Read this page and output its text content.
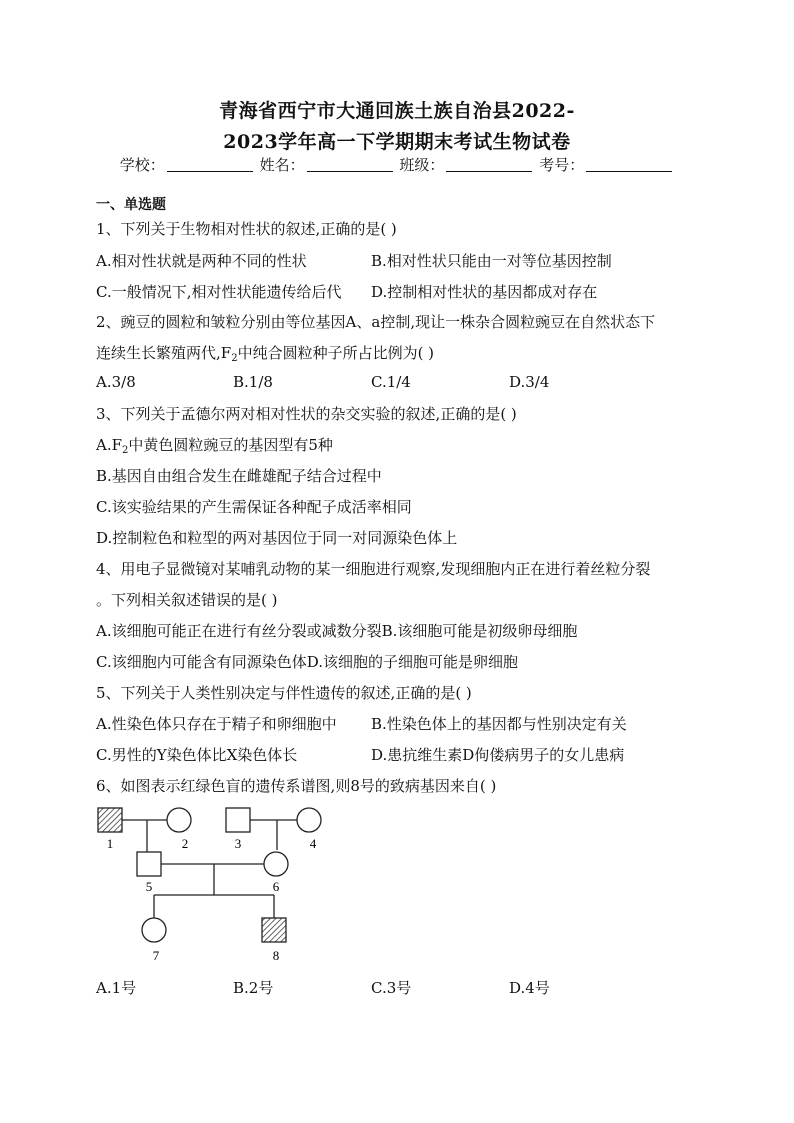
青海省西宁市大通回族土族自治县2022-
2023学年高一下学期期末考试生物试卷
学校：	姓名：	班级：	考号：
一、单选题
1、下列关于生物相对性状的叙述,正确的是( )
A.相对性状就是两种不同的性状	B.相对性状只能由一对等位基因控制
C.一般情况下,相对性状能遗传给后代 D.控制相对性状的基因都成对存在
2、豌豆的圆粒和皱粒分别由等位基因A、a控制,现让一株杂合圆粒豌豆在自然状态下
连续生长繁殖两代$,F_2$中纯合圆粒种子所占比例为( )
A.3/8	B.1/8	C.1/4	D.3/4
3、下列关于孟德尔两对相对性状的杂交实验的叙述,正确的是( )
$A.F_2$中黄色圆粒豌豆的基因型有5种
B.基因自由组合发生在雌雄配子结合过程中
C.该实验结果的产生需保证各种配子成活率相同
D.控制粒色和粒型的两对基因位于同一对同源染色体上
4、用电子显微镜对某哺乳动物的某一细胞进行观察,发现细胞内正在进行着丝粒分裂
。下列相关叙述错误的是( )
A.该细胞可能正在进行有丝分裂或减数分裂B.该细胞可能是初级卵母细胞
C.该细胞内可能含有同源染色体D.该细胞的子细胞可能是卵细胞
5、下列关于人类性别决定与伴性遗传的叙述,正确的是( )
A.性染色体只存在于精子和卵细胞中 B.性染色体上的基因都与性别决定有关
C.男性的Y染色体比X染色体长	D.患抗维生素D佝偻病男子的女儿患病
6、如图表示红绿色盲的遗传系谱图,则8号的致病基因来自( )
1	2	3	4
5	6
7	8
A.1号	B.2号	C.3号	D.4号
